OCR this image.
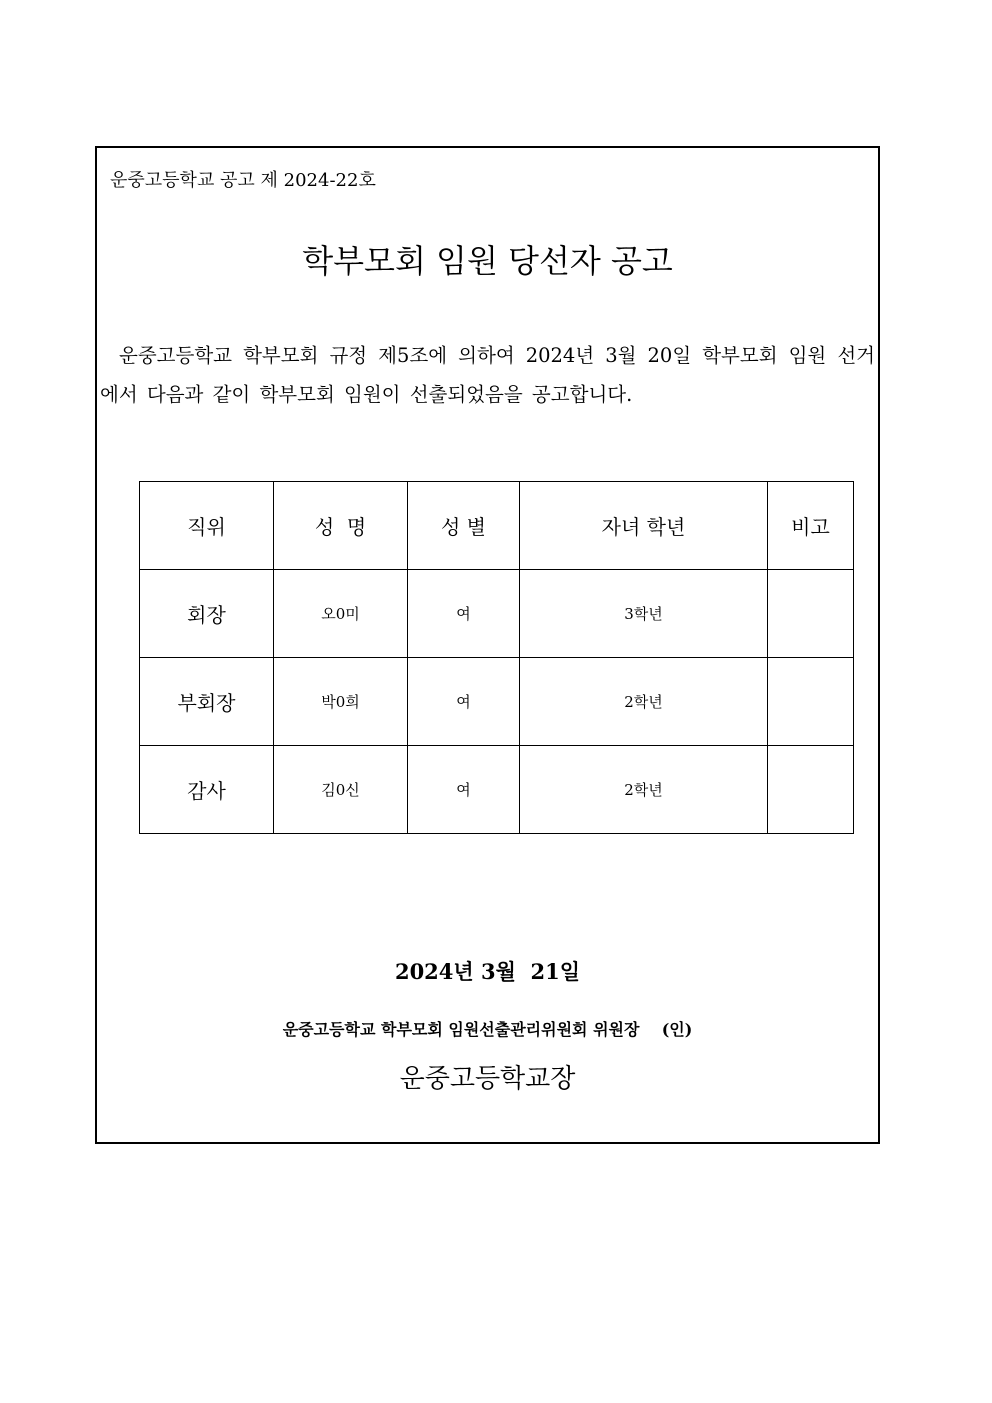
운중고등학교 공고 제 2024-22호
학부모회 임원 당선자 공고
운중고등학교 학부모회 규정 제5조에 의하여 2024년 3월 20일 학부모회 임원 선거에서 다음과 같이 학부모회 임원이 선출되었음을 공고합니다.
직위	성  명	성 별	자녀 학년	비고
회장	오0미	여	3학년	
부회장	박0희	여	2학년	
감사	김0신	여	2학년	
2024년 3월  21일
운중고등학교 학부모회 임원선출관리위원회 위원장    (인)
운중고등학교장
